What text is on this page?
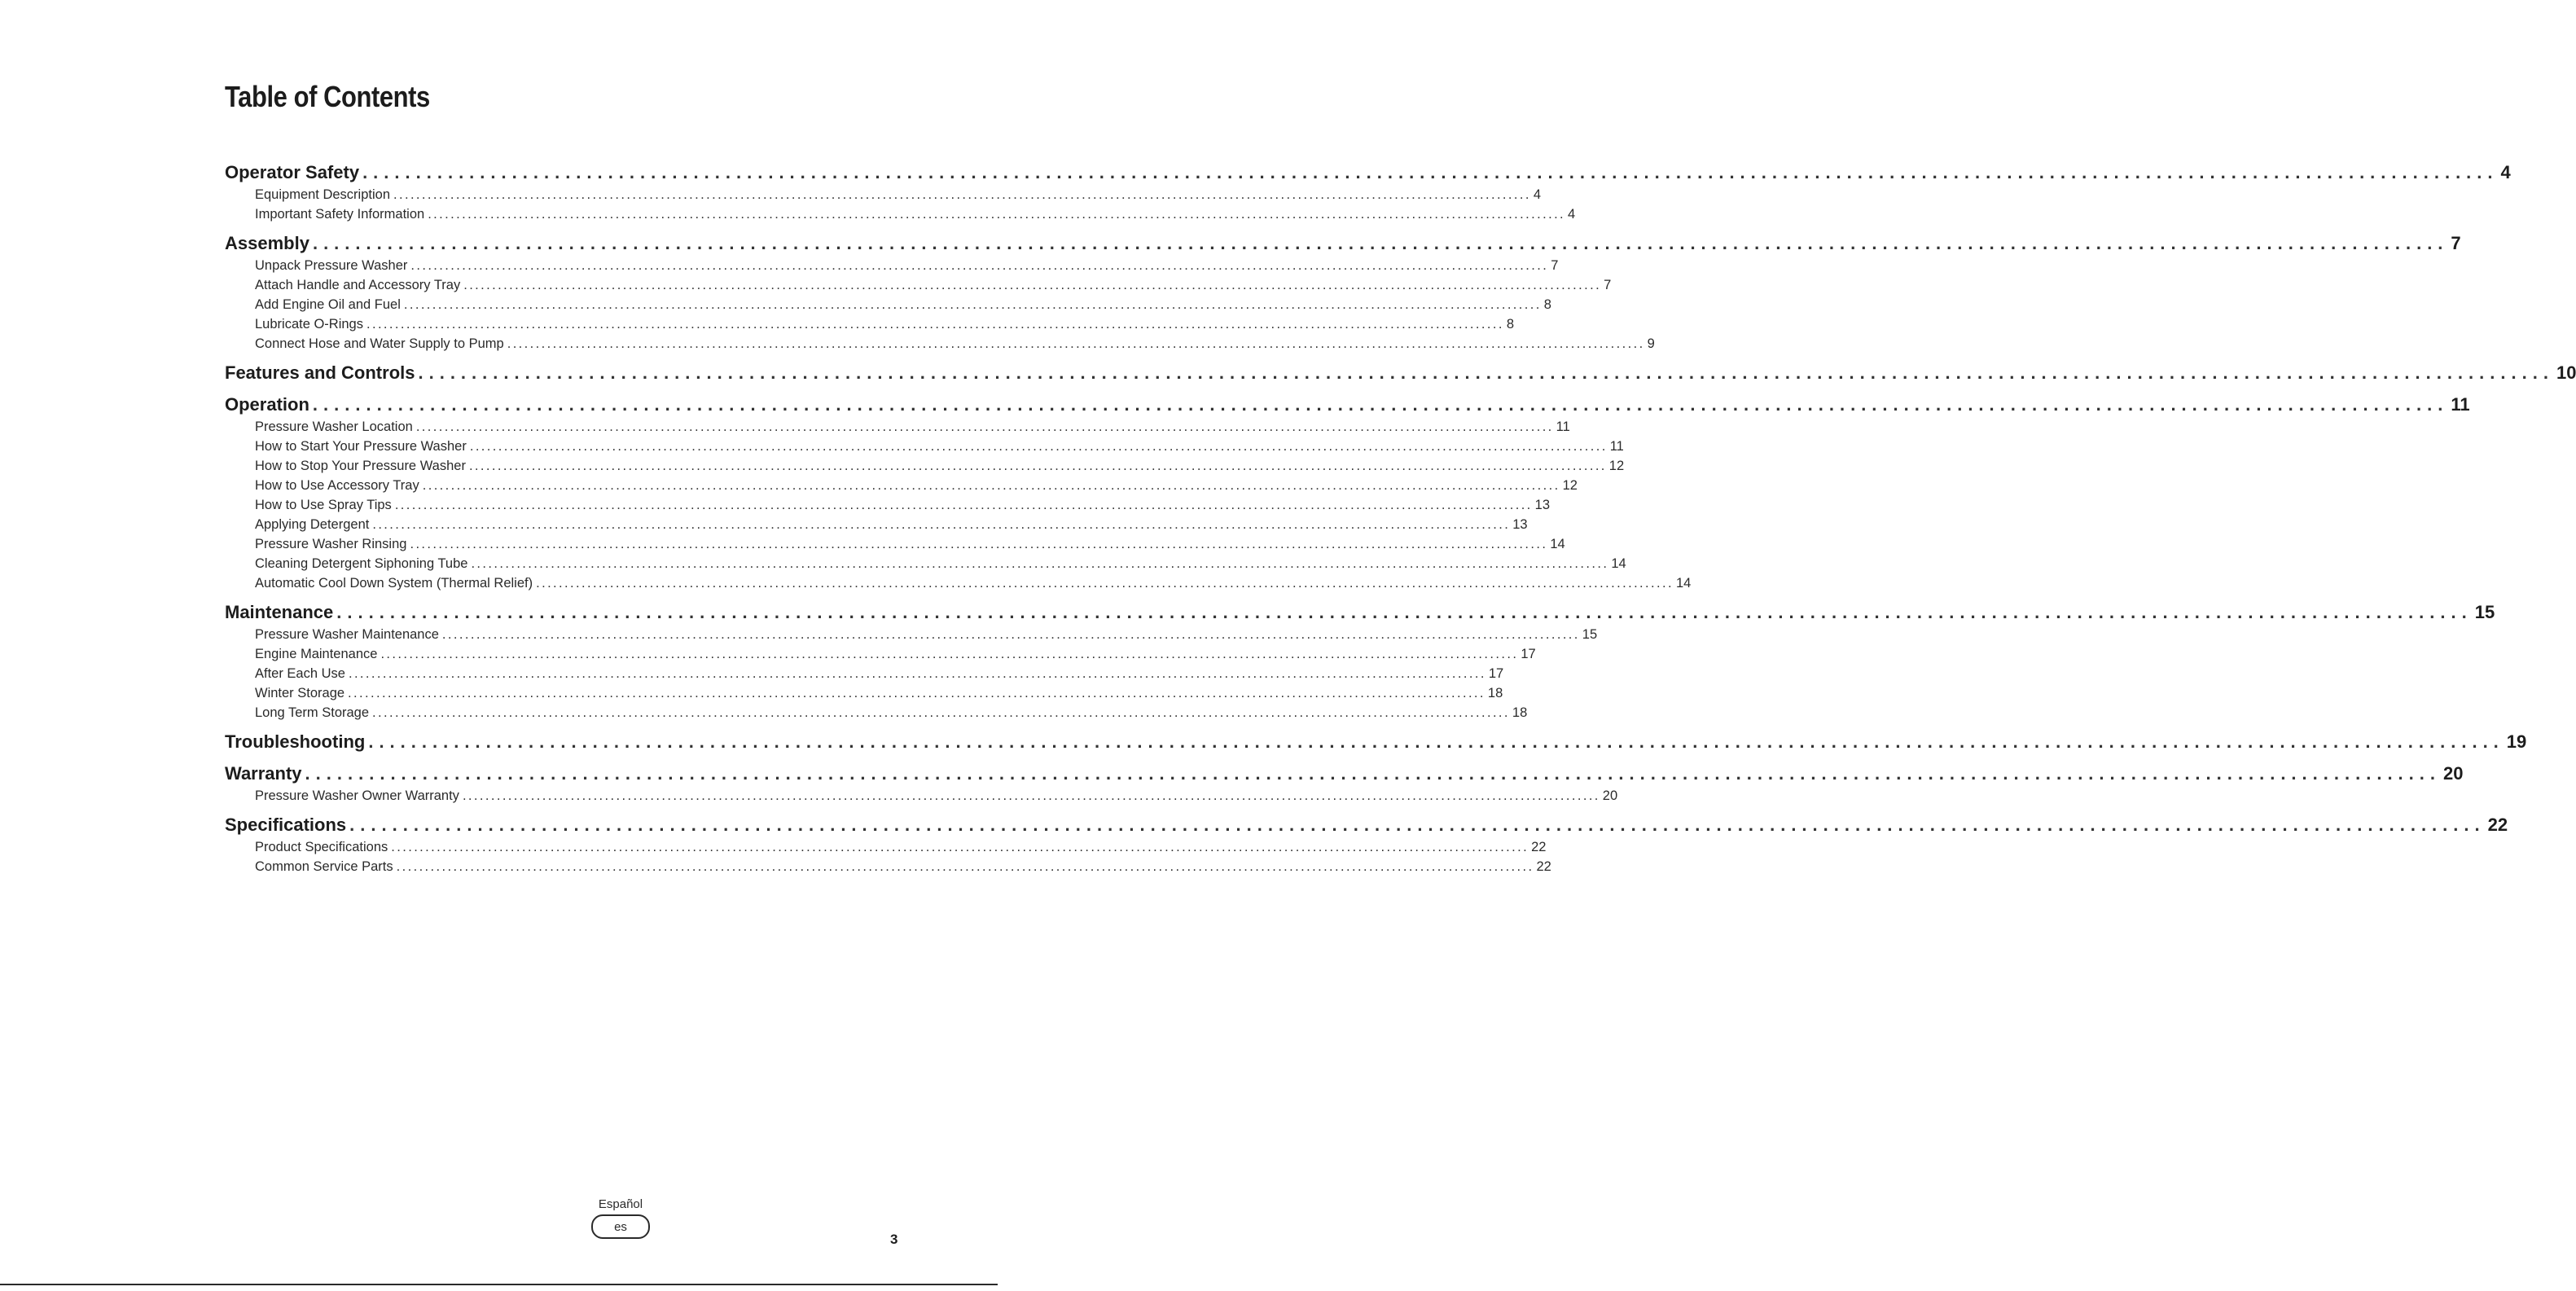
Table of Contents
Operator Safety ........................................................................................................................................................................................................ 4
Equipment Description ........................................................................................................................................................................................................ 4
Important Safety Information ........................................................................................................................................................................................................ 4
Assembly ........................................................................................................................................................................................................ 7
Unpack Pressure Washer ........................................................................................................................................................................................................ 7
Attach Handle and Accessory Tray ........................................................................................................................................................................................................ 7
Add Engine Oil and Fuel ........................................................................................................................................................................................................ 8
Lubricate O-Rings ........................................................................................................................................................................................................ 8
Connect Hose and Water Supply to Pump ........................................................................................................................................................................................................ 9
Features and Controls ........................................................................................................................................................................................................ 10
Operation ........................................................................................................................................................................................................ 11
Pressure Washer Location ........................................................................................................................................................................................................ 11
How to Start Your Pressure Washer ........................................................................................................................................................................................................ 11
How to Stop Your Pressure Washer ........................................................................................................................................................................................................ 12
How to Use Accessory Tray ........................................................................................................................................................................................................ 12
How to Use Spray Tips ........................................................................................................................................................................................................ 13
Applying Detergent ........................................................................................................................................................................................................ 13
Pressure Washer Rinsing ........................................................................................................................................................................................................ 14
Cleaning Detergent Siphoning Tube ........................................................................................................................................................................................................ 14
Automatic Cool Down System (Thermal Relief) ........................................................................................................................................................................................................ 14
Maintenance ........................................................................................................................................................................................................ 15
Pressure Washer Maintenance ........................................................................................................................................................................................................ 15
Engine Maintenance ........................................................................................................................................................................................................ 17
After Each Use ........................................................................................................................................................................................................ 17
Winter Storage ........................................................................................................................................................................................................ 18
Long Term Storage ........................................................................................................................................................................................................ 18
Troubleshooting ........................................................................................................................................................................................................ 19
Warranty ........................................................................................................................................................................................................ 20
Pressure Washer Owner Warranty ........................................................................................................................................................................................................ 20
Specifications ........................................................................................................................................................................................................ 22
Product Specifications ........................................................................................................................................................................................................ 22
Common Service Parts ........................................................................................................................................................................................................ 22
Español
es
3
